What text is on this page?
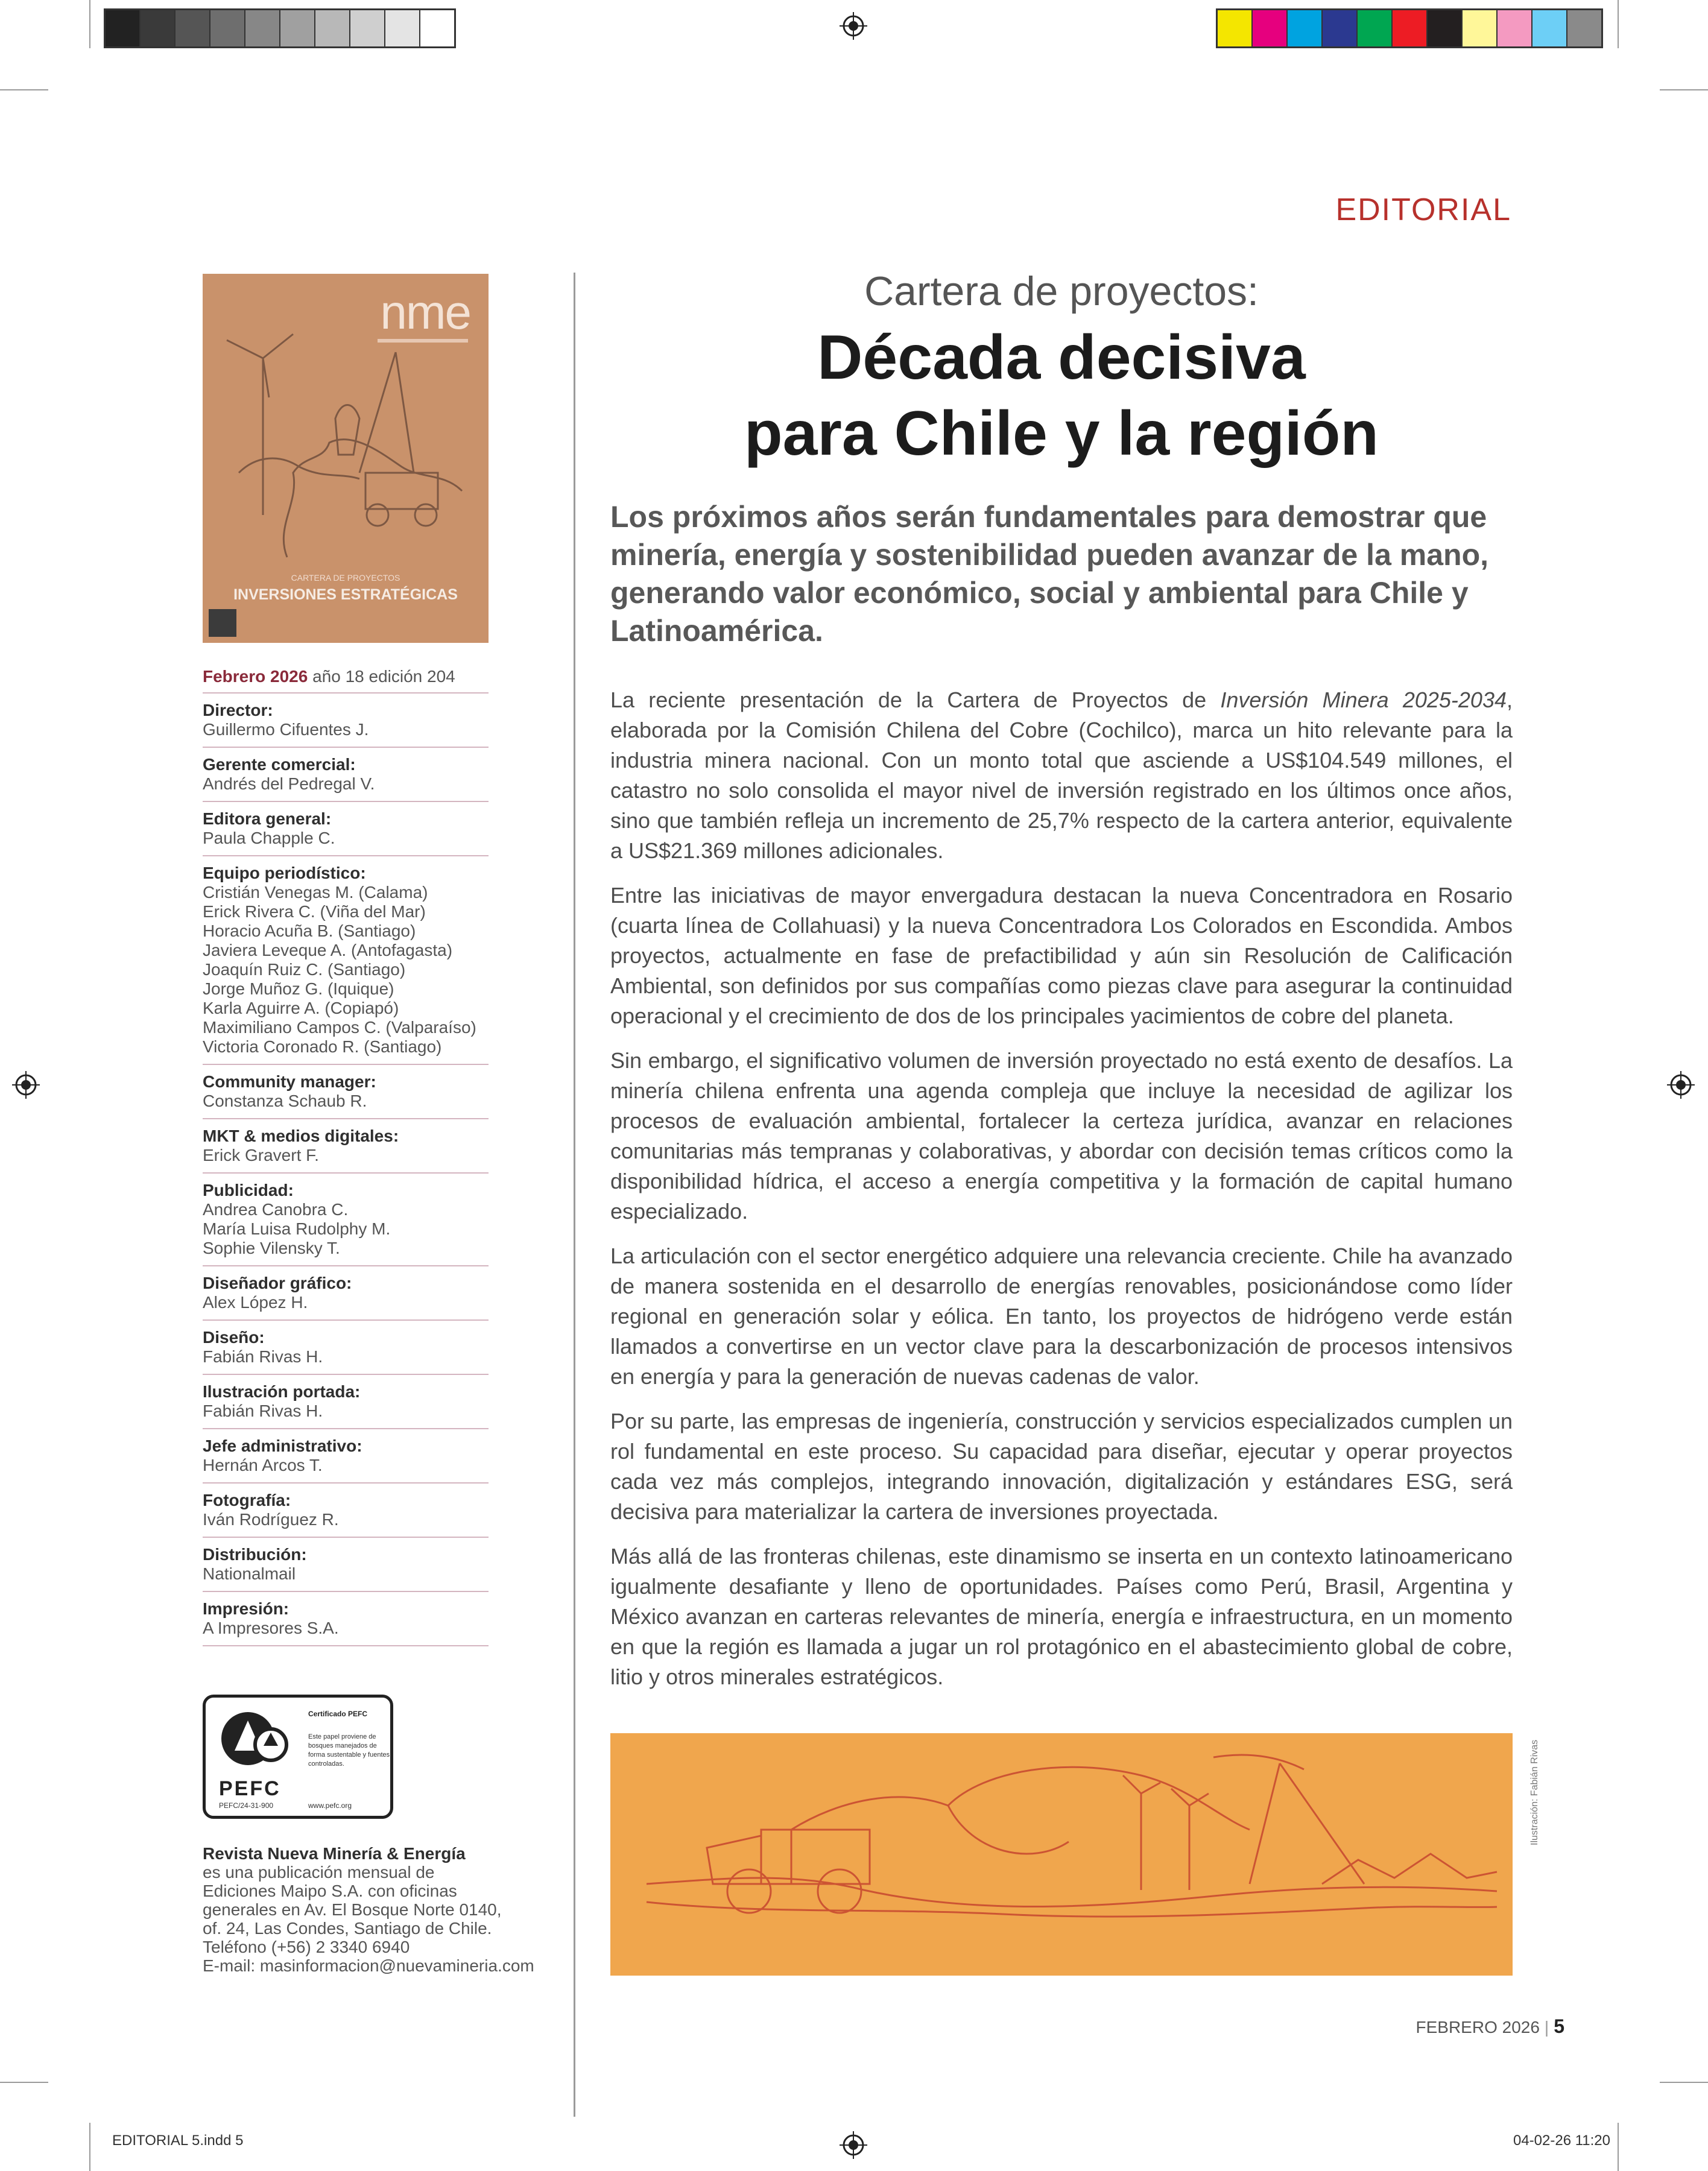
EDITORIAL
nme
CARTERA DE PROYECTOS
INVERSIONES ESTRATÉGICAS
Febrero 2026 año 18 edición 204
Director:
Guillermo Cifuentes J.
Gerente comercial:
Andrés del Pedregal V.
Editora general:
Paula Chapple C.
Equipo periodístico:
Cristián Venegas M. (Calama)
Erick Rivera C. (Viña del Mar)
Horacio Acuña B. (Santiago)
Javiera Leveque A. (Antofagasta)
Joaquín Ruiz C. (Santiago)
Jorge Muñoz G. (Iquique)
Karla Aguirre A. (Copiapó)
Maximiliano Campos C. (Valparaíso)
Victoria Coronado R. (Santiago)
Community manager:
Constanza Schaub R.
MKT & medios digitales:
Erick Gravert F.
Publicidad:
Andrea Canobra C.
María Luisa Rudolphy M.
Sophie Vilensky T.
Diseñador gráfico:
Alex López H.
Diseño:
Fabián Rivas H.
Ilustración portada:
Fabián Rivas H.
Jefe administrativo:
Hernán Arcos T.
Fotografía:
Iván Rodríguez R.
Distribución:
Nationalmail
Impresión:
A Impresores S.A.
PEFC
PEFC/24-31-900
Certificado PEFC
Este papel proviene de bosques manejados de forma sustentable y fuentes controladas.
www.pefc.org
Revista Nueva Minería & Energía
es una publicación mensual de
Ediciones Maipo S.A. con oficinas
generales en Av. El Bosque Norte 0140,
of. 24, Las Condes, Santiago de Chile.
Teléfono (+56) 2 3340 6940
E-mail: masinformacion@nuevamineria.com
Cartera de proyectos:
Década decisiva
para Chile y la región
Los próximos años serán fundamentales para demostrar que minería, energía y sostenibilidad pueden avanzar de la mano, generando valor económico, social y ambiental para Chile y Latinoamérica.

La reciente presentación de la Cartera de Proyectos de Inversión Minera 2025-2034, elaborada por la Comisión Chilena del Cobre (Cochilco), marca un hito relevante para la industria minera nacional. Con un monto total que asciende a US$104.549 millones, el catastro no solo consolida el mayor nivel de inversión registrado en los últimos once años, sino que también refleja un incremento de 25,7% respecto de la cartera anterior, equivalente a US$21.369 millones adicionales.

Entre las iniciativas de mayor envergadura destacan la nueva Concentradora en Rosario (cuarta línea de Collahuasi) y la nueva Concentradora Los Colorados en Escondida. Ambos proyectos, actualmente en fase de prefactibilidad y aún sin Resolución de Calificación Ambiental, son definidos por sus compañías como piezas clave para asegurar la continuidad operacional y el crecimiento de dos de los principales yacimientos de cobre del planeta.

Sin embargo, el significativo volumen de inversión proyectado no está exento de desafíos. La minería chilena enfrenta una agenda compleja que incluye la necesidad de agilizar los procesos de evaluación ambiental, fortalecer la certeza jurídica, avanzar en relaciones comunitarias más tempranas y colaborativas, y abordar con decisión temas críticos como la disponibilidad hídrica, el acceso a energía competitiva y la formación de capital humano especializado.

La articulación con el sector energético adquiere una relevancia creciente. Chile ha avanzado de manera sostenida en el desarrollo de energías renovables, posicionándose como líder regional en generación solar y eólica. En tanto, los proyectos de hidrógeno verde están llamados a convertirse en un vector clave para la descarbonización de procesos intensivos en energía y para la generación de nuevas cadenas de valor.

Por su parte, las empresas de ingeniería, construcción y servicios especializados cumplen un rol fundamental en este proceso. Su capacidad para diseñar, ejecutar y operar proyectos cada vez más complejos, integrando innovación, digitalización y estándares ESG, será decisiva para materializar la cartera de inversiones proyectada.

Más allá de las fronteras chilenas, este dinamismo se inserta en un contexto latinoamericano igualmente desafiante y lleno de oportunidades. Países como Perú, Brasil, Argentina y México avanzan en carteras relevantes de minería, energía e infraestructura, en un momento en que la región es llamada a jugar un rol protagónico en el abastecimiento global de cobre, litio y otros minerales estratégicos.

Ilustración: Fabián Rivas
FEBRERO 2026 | 5
EDITORIAL 5.indd 5	04-02-26 11:20
